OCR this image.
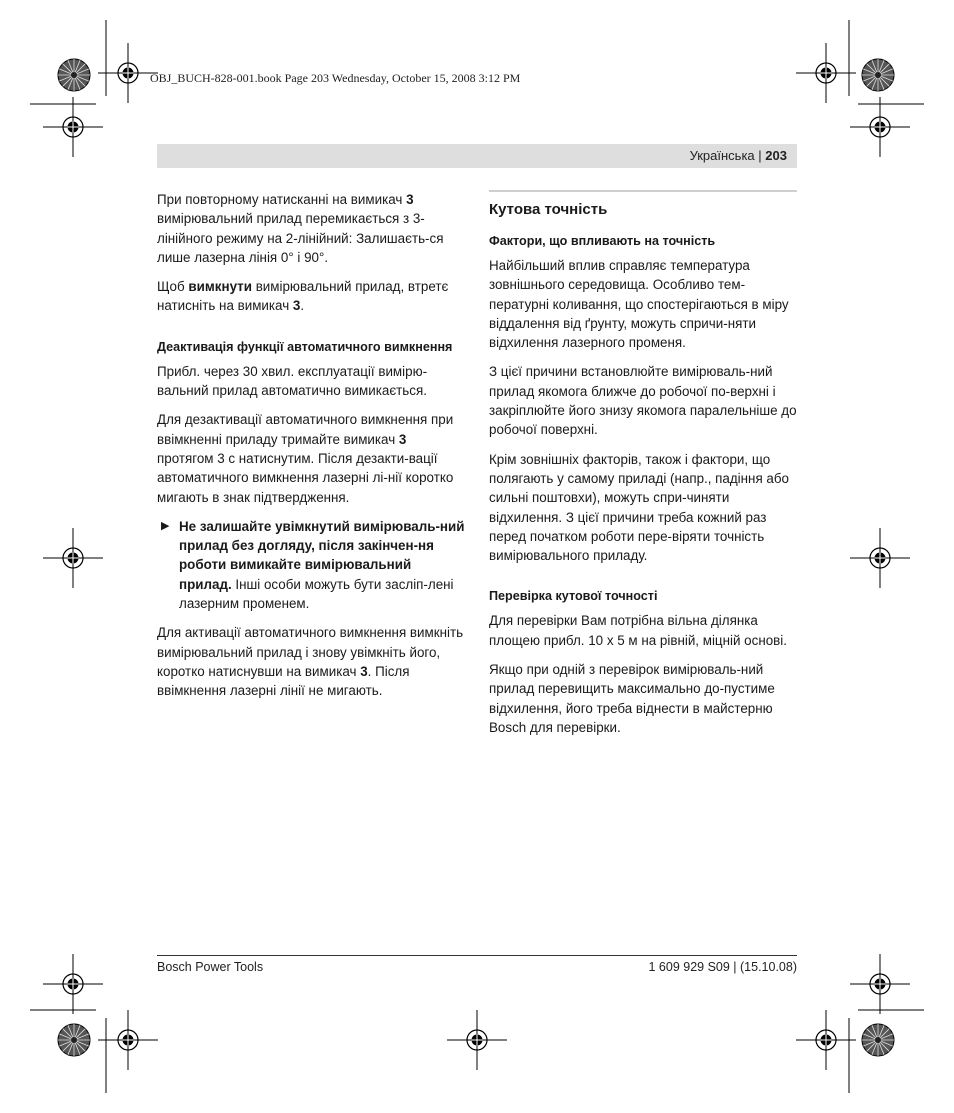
OBJ_BUCH-828-001.book Page 203 Wednesday, October 15, 2008 3:12 PM
Українська | 203

При повторному натисканні на вимикач 3 вимірювальний прилад перемикається з 3-лінійного режиму на 2-лінійний: Залишаєть-ся лише лазерна лінія 0° і 90°.

Щоб вимкнути вимірювальний прилад, втретє натисніть на вимикач 3.

Деактивація функції автоматичного вимкнення

Прибл. через 30 хвил. експлуатації вимірю-вальний прилад автоматично вимикається.

Для дезактивації автоматичного вимкнення при ввімкненні приладу тримайте вимикач 3 протягом 3 с натиснутим. Після дезакти-вації автоматичного вимкнення лазерні лі-нії коротко мигають в знак підтвердження.

▶ Не залишайте увімкнутий вимірюваль-ний прилад без догляду, після закінчен-ня роботи вимикайте вимірювальний прилад. Інші особи можуть бути засліп-лені лазерним променем.

Для активації автоматичного вимкнення вимкніть вимірювальний прилад і знову увімкніть його, коротко натиснувши на вимикач 3. Після ввімкнення лазерні лінії не мигають.

Кутова точність
Фактори, що впливають на точність

Найбільший вплив справляє температура зовнішнього середовища. Особливо тем-пературні коливання, що спостерігаються в міру віддалення від ґрунту, можуть спричи-няти відхилення лазерного променя.

З цієї причини встановлюйте вимірюваль-ний прилад якомога ближче до робочої по-верхні і закріплюйте його знизу якомога паралельніше до робочої поверхні.

Крім зовнішніх факторів, також і фактори, що полягають у самому приладі (напр., падіння або сильні поштовхи), можуть спри-чиняти відхилення. З цієї причини треба кожний раз перед початком роботи пере-віряти точність вимірювального приладу.

Перевірка кутової точності

Для перевірки Вам потрібна вільна ділянка площею прибл. 10 x 5 м на рівній, міцній основі.

Якщо при одній з перевірок вимірюваль-ний прилад перевищить максимально до-пустиме відхилення, його треба віднести в майстерню Bosch для перевірки.

Bosch Power Tools	1 609 929 S09 | (15.10.08)
